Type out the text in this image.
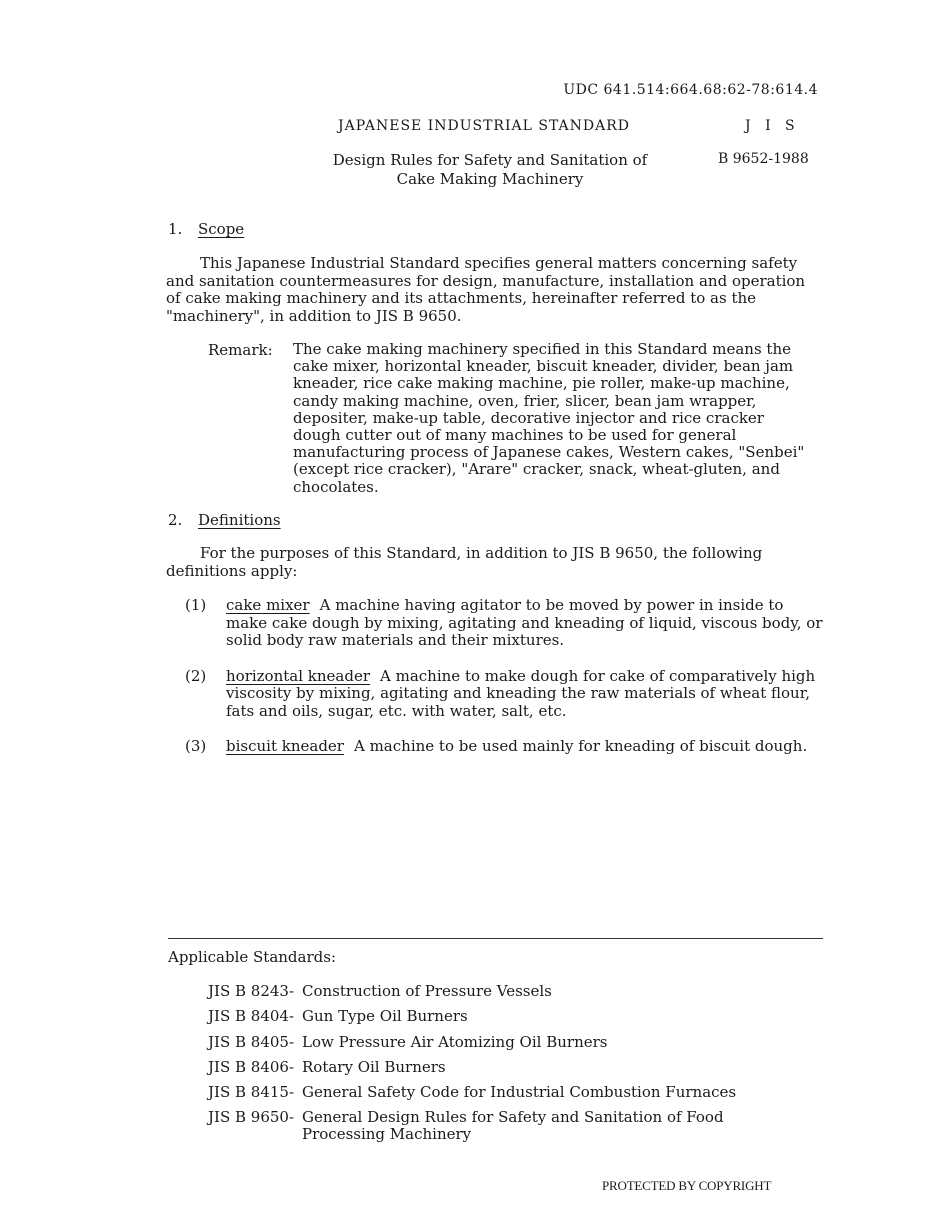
UDC 641.514:664.68:62-78:614.4
JAPANESE INDUSTRIAL STANDARD	J I S
Design Rules for Safety and Sanitation of Cake Making Machinery
B 9652-1988
1. Scope

This Japanese Industrial Standard specifies general matters concerning safety and sanitation countermeasures for design, manufacture, installation and operation of cake making machinery and its attachments, hereinafter referred to as the "machinery", in addition to JIS B 9650.

Remark: The cake making machinery specified in this Standard means the cake mixer, horizontal kneader, biscuit kneader, divider, bean jam kneader, rice cake making machine, pie roller, make-up machine, candy making machine, oven, frier, slicer, bean jam wrapper, depositer, make-up table, decorative injector and rice cracker dough cutter out of many machines to be used for general manufacturing process of Japanese cakes, Western cakes, "Senbei" (except rice cracker), "Arare" cracker, snack, wheat-gluten, and chocolates.

2. Definitions

For the purposes of this Standard, in addition to JIS B 9650, the following definitions apply:

(1) cake mixer A machine having agitator to be moved by power in inside to make cake dough by mixing, agitating and kneading of liquid, viscous body, or solid body raw materials and their mixtures.
(2) horizontal kneader A machine to make dough for cake of comparatively high viscosity by mixing, agitating and kneading the raw materials of wheat flour, fats and oils, sugar, etc. with water, salt, etc.
(3) biscuit kneader A machine to be used mainly for kneading of biscuit dough.
Applicable Standards:
JIS B 8243- Construction of Pressure Vessels
JIS B 8404- Gun Type Oil Burners
JIS B 8405- Low Pressure Air Atomizing Oil Burners
JIS B 8406- Rotary Oil Burners
JIS B 8415- General Safety Code for Industrial Combustion Furnaces
JIS B 9650- General Design Rules for Safety and Sanitation of Food Processing Machinery
PROTECTED BY COPYRIGHT
